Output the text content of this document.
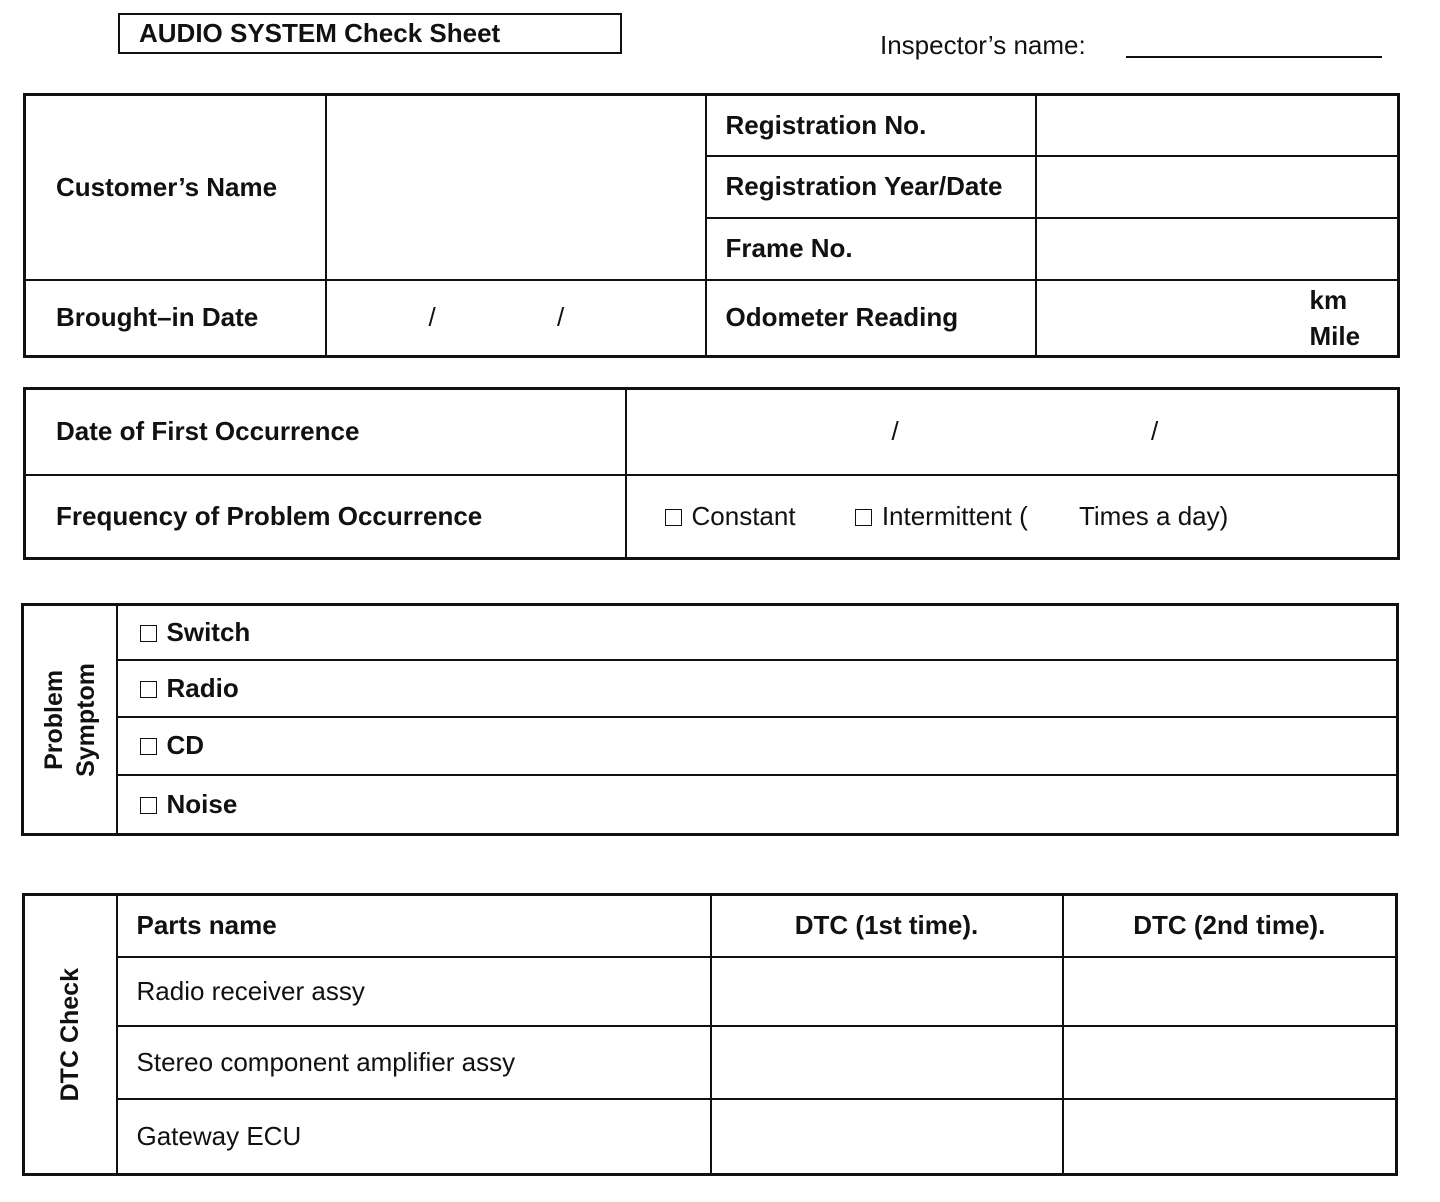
AUDIO SYSTEM Check Sheet	Inspector’s name:
Customer’s Name		Registration No.	
		Registration Year/Date	
		Frame No.	
Brought–in Date	/ /	Odometer Reading	km
Mile
Date of First Occurrence	/ /
Frequency of Problem Occurrence	Constant Intermittent ( Times a day)
Problem Symptom
	Switch
Radio
CD
Noise
DTC Check	Parts name	DTC (1st time).	DTC (2nd time).
	Radio receiver assy		
	Stereo component amplifier assy		
	Gateway ECU		
